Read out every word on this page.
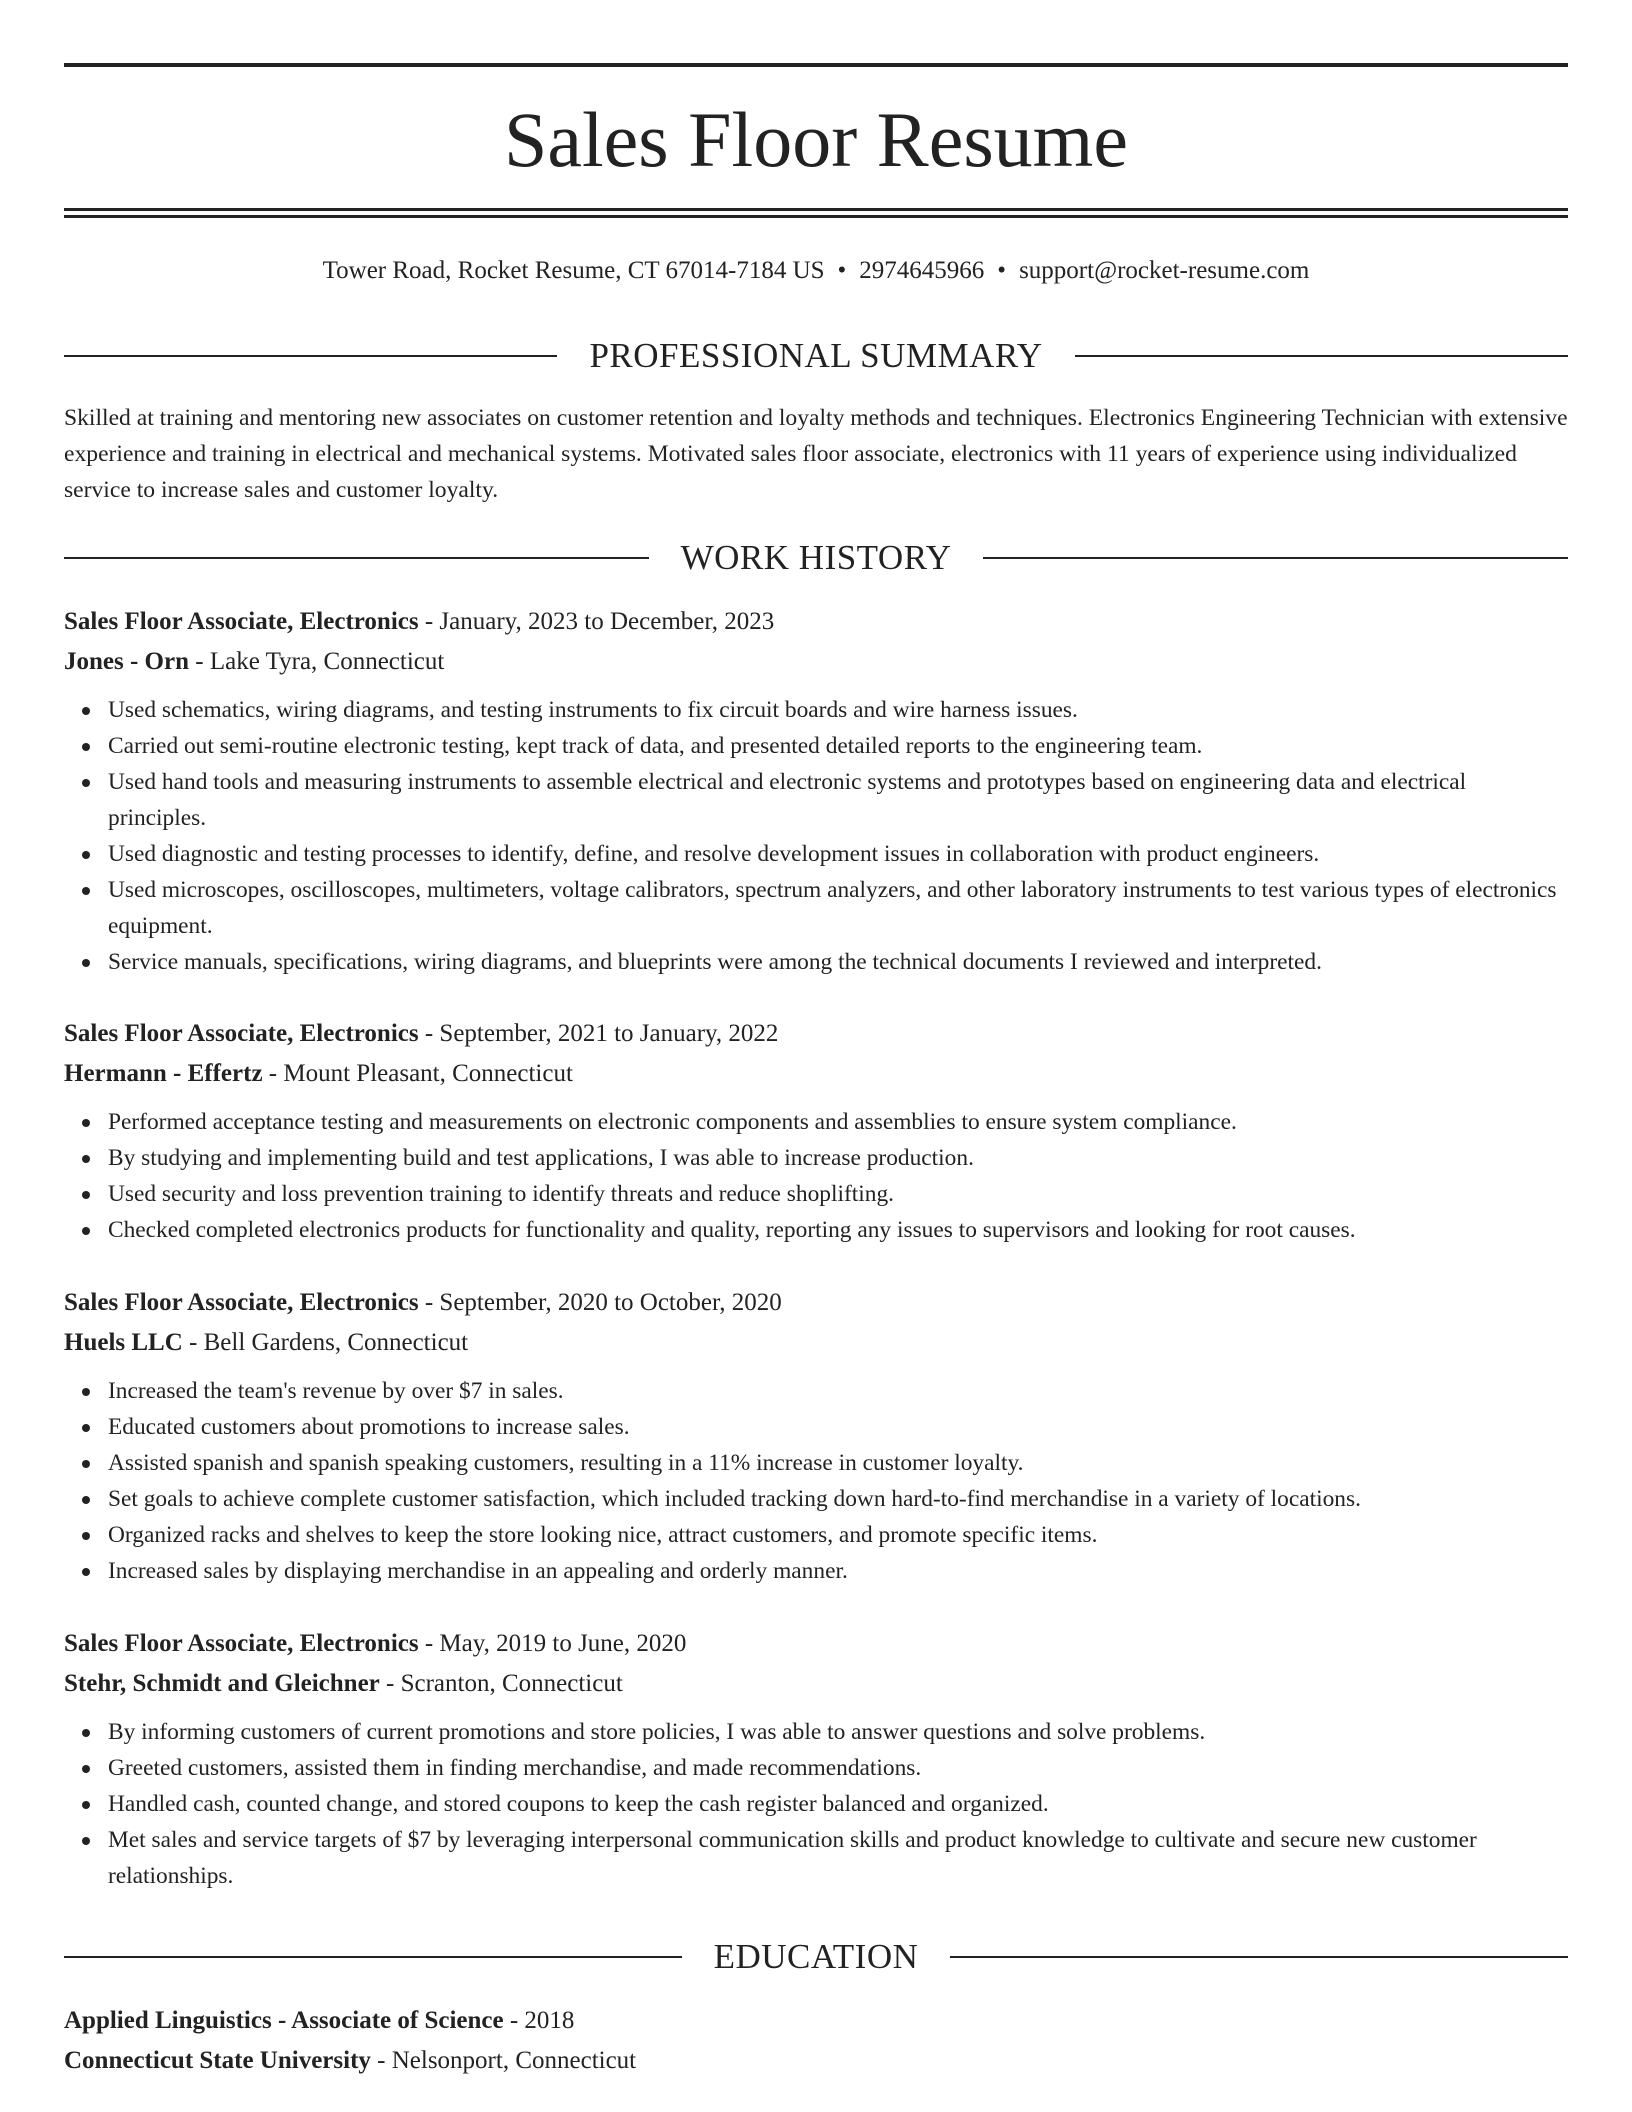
Sales Floor Resume
Tower Road, Rocket Resume, CT 67014-7184 US • 2974645966 • support@rocket-resume.com
PROFESSIONAL SUMMARY

Skilled at training and mentoring new associates on customer retention and loyalty methods and techniques. Electronics Engineering Technician with extensive experience and training in electrical and mechanical systems. Motivated sales floor associate, electronics with 11 years of experience using individualized service to increase sales and customer loyalty.

WORK HISTORY
Sales Floor Associate, Electronics - January, 2023 to December, 2023
Jones - Orn - Lake Tyra, Connecticut
Used schematics, wiring diagrams, and testing instruments to fix circuit boards and wire harness issues.
Carried out semi-routine electronic testing, kept track of data, and presented detailed reports to the engineering team.
Used hand tools and measuring instruments to assemble electrical and electronic systems and prototypes based on engineering data and electrical principles.
Used diagnostic and testing processes to identify, define, and resolve development issues in collaboration with product engineers.
Used microscopes, oscilloscopes, multimeters, voltage calibrators, spectrum analyzers, and other laboratory instruments to test various types of electronics equipment.
Service manuals, specifications, wiring diagrams, and blueprints were among the technical documents I reviewed and interpreted.
Sales Floor Associate, Electronics - September, 2021 to January, 2022
Hermann - Effertz - Mount Pleasant, Connecticut
Performed acceptance testing and measurements on electronic components and assemblies to ensure system compliance.
By studying and implementing build and test applications, I was able to increase production.
Used security and loss prevention training to identify threats and reduce shoplifting.
Checked completed electronics products for functionality and quality, reporting any issues to supervisors and looking for root causes.
Sales Floor Associate, Electronics - September, 2020 to October, 2020
Huels LLC - Bell Gardens, Connecticut
Increased the team's revenue by over $7 in sales.
Educated customers about promotions to increase sales.
Assisted spanish and spanish speaking customers, resulting in a 11% increase in customer loyalty.
Set goals to achieve complete customer satisfaction, which included tracking down hard-to-find merchandise in a variety of locations.
Organized racks and shelves to keep the store looking nice, attract customers, and promote specific items.
Increased sales by displaying merchandise in an appealing and orderly manner.
Sales Floor Associate, Electronics - May, 2019 to June, 2020
Stehr, Schmidt and Gleichner - Scranton, Connecticut
By informing customers of current promotions and store policies, I was able to answer questions and solve problems.
Greeted customers, assisted them in finding merchandise, and made recommendations.
Handled cash, counted change, and stored coupons to keep the cash register balanced and organized.
Met sales and service targets of $7 by leveraging interpersonal communication skills and product knowledge to cultivate and secure new customer relationships.
EDUCATION
Applied Linguistics - Associate of Science - 2018
Connecticut State University - Nelsonport, Connecticut
